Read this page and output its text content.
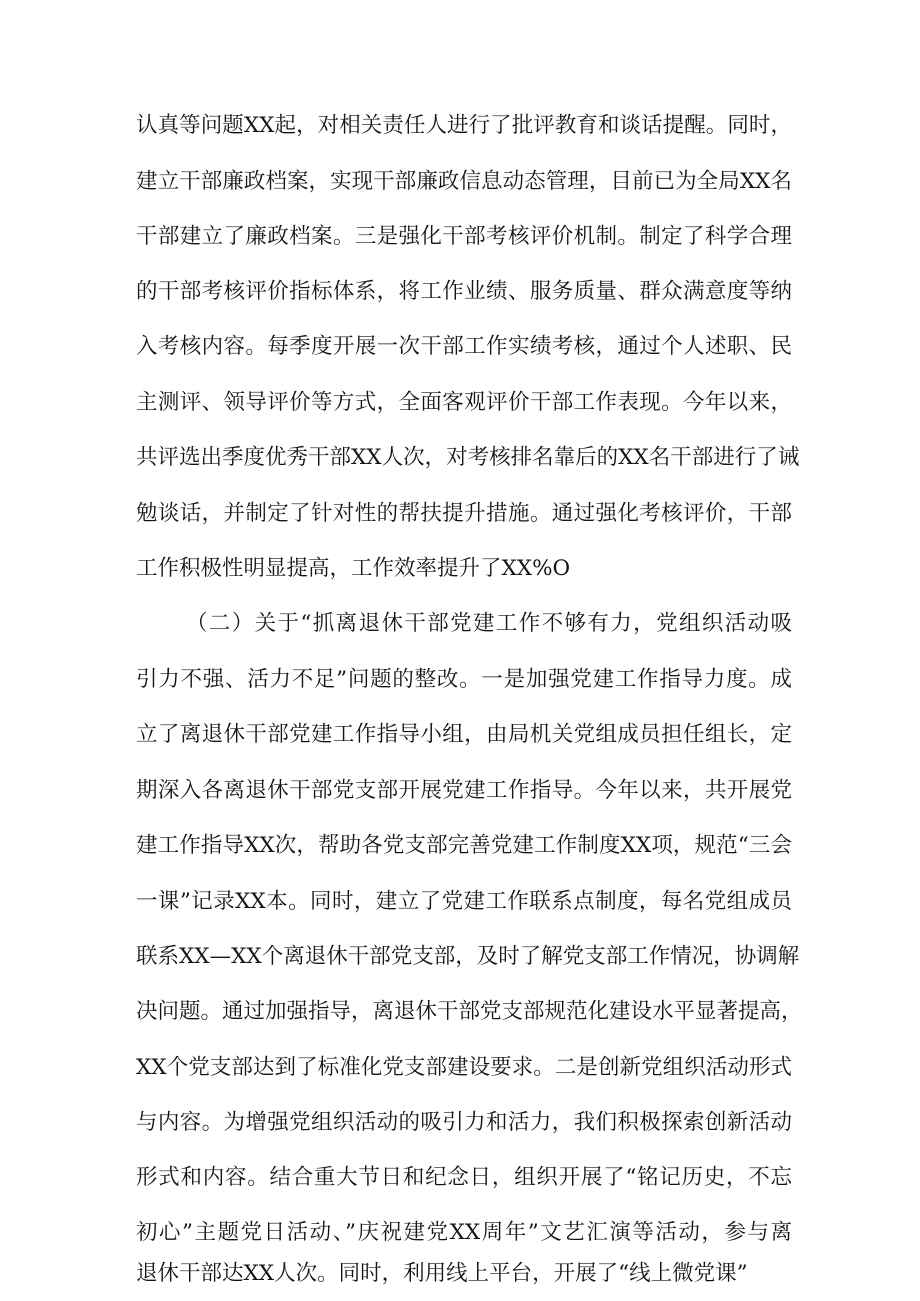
认真等问题XX起，对相关责任人进行了批评教育和谈话提醒。同时，
建立干部廉政档案，实现干部廉政信息动态管理，目前已为全局XX名
干部建立了廉政档案。三是强化干部考核评价机制。制定了科学合理
的干部考核评价指标体系，将工作业绩、服务质量、群众满意度等纳
入考核内容。每季度开展一次干部工作实绩考核，通过个人述职、民
主测评、领导评价等方式，全面客观评价干部工作表现。今年以来，
共评选出季度优秀干部XX人次，对考核排名靠后的XX名干部进行了诫
勉谈话，并制定了针对性的帮扶提升措施。通过强化考核评价，干部
工作积极性明显提高，工作效率提升了XX%O
（二）关于“抓离退休干部党建工作不够有力，党组织活动吸
引力不强、活力不足”问题的整改。一是加强党建工作指导力度。成
立了离退休干部党建工作指导小组，由局机关党组成员担任组长，定
期深入各离退休干部党支部开展党建工作指导。今年以来，共开展党
建工作指导XX次，帮助各党支部完善党建工作制度XX项，规范“三会
一课”记录XX本。同时，建立了党建工作联系点制度，每名党组成员
联系XX—XX个离退休干部党支部，及时了解党支部工作情况，协调解
决问题。通过加强指导，离退休干部党支部规范化建设水平显著提高，
XX个党支部达到了标准化党支部建设要求。二是创新党组织活动形式
与内容。为增强党组织活动的吸引力和活力，我们积极探索创新活动
形式和内容。结合重大节日和纪念日，组织开展了“铭记历史，不忘
初心”主题党日活动、”庆祝建党XX周年”文艺汇演等活动，参与离
退休干部达XX人次。同时，利用线上平台，开展了“线上微党课”
